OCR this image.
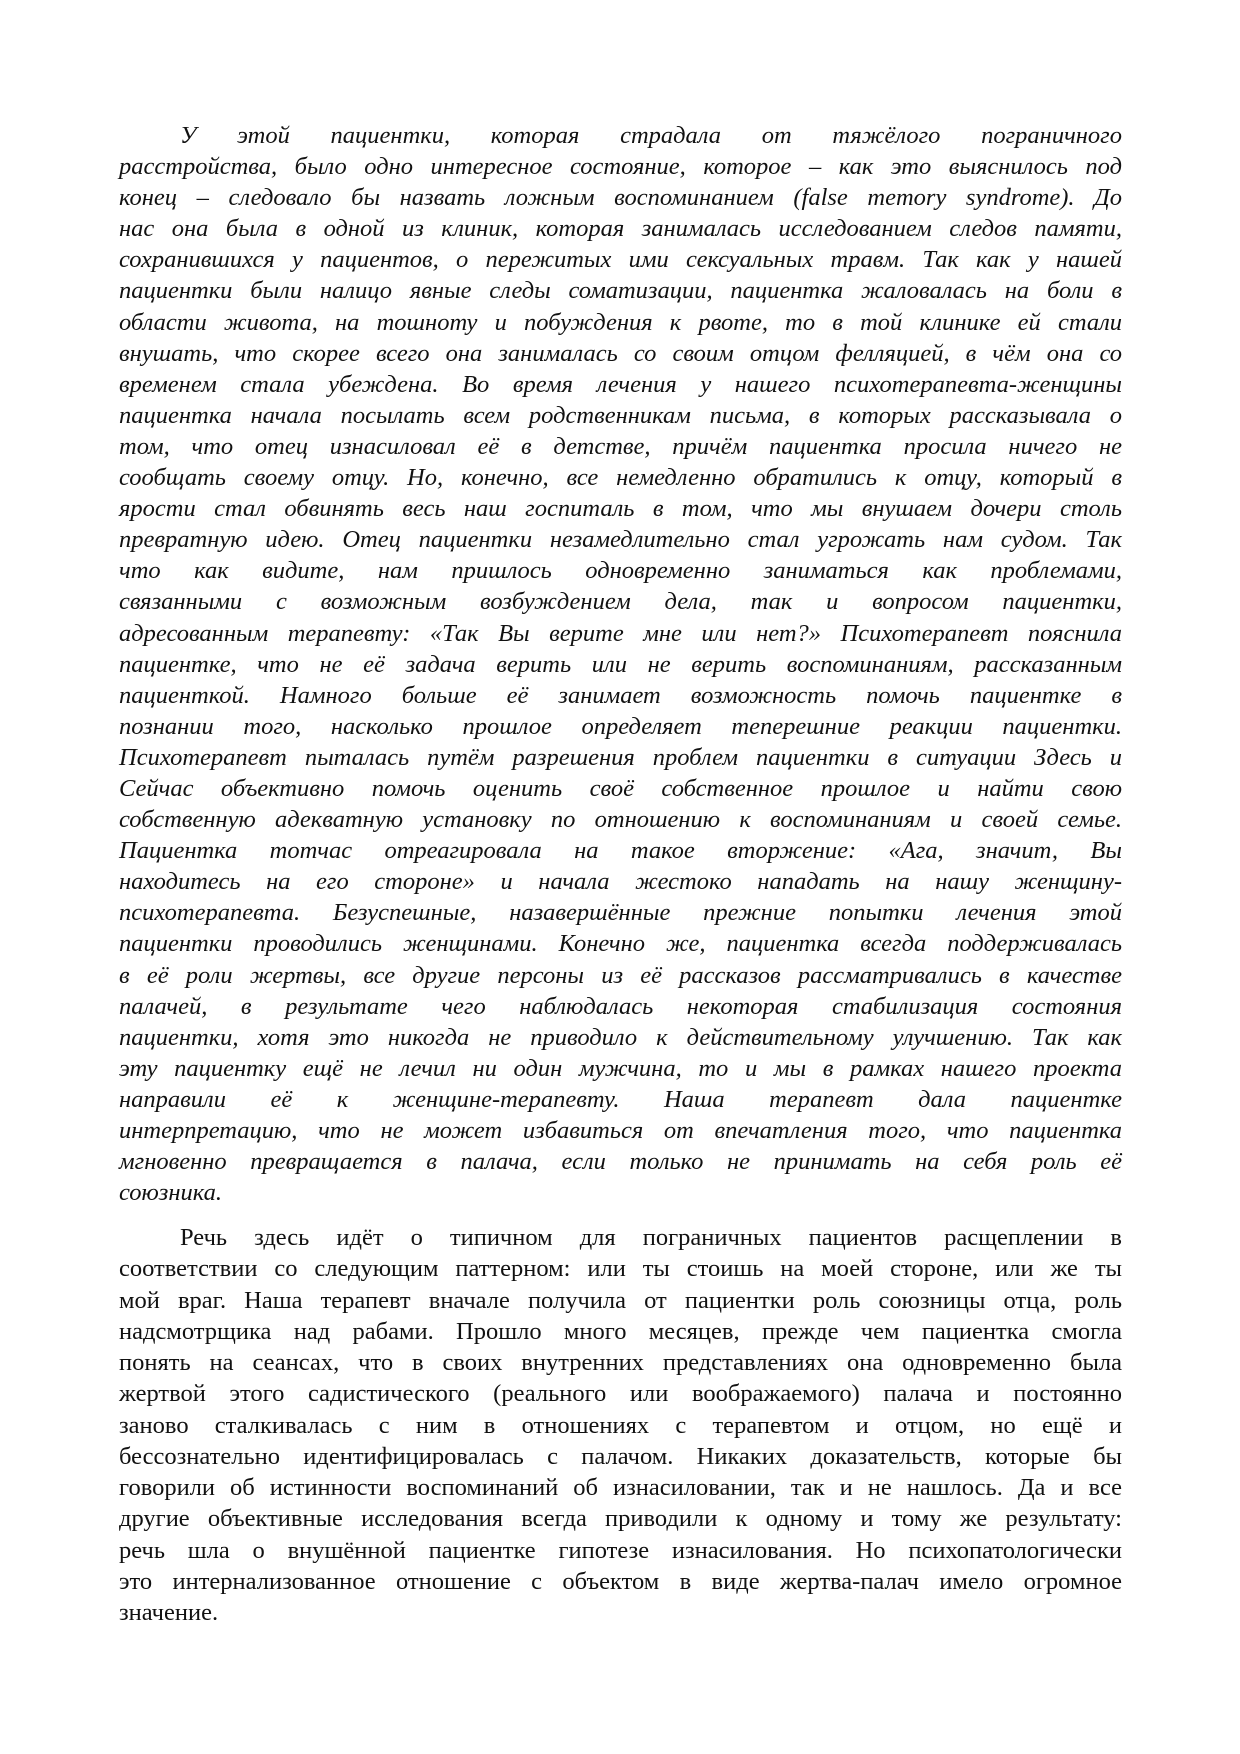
У этой пациентки, которая страдала от тяжёлого пограничного
расстройства, было одно интересное состояние, которое – как это выяснилось под
конец – следовало бы назвать ложным воспоминанием (false memory syndrome). До
нас она была в одной из клиник, которая занималась исследованием следов памяти,
сохранившихся у пациентов, о пережитых ими сексуальных травм. Так как у нашей
пациентки были налицо явные следы соматизации, пациентка жаловалась на боли в
области живота, на тошноту и побуждения к рвоте, то в той клинике ей стали
внушать, что скорее всего она занималась со своим отцом фелляцией, в чём она со
временем стала убеждена. Во время лечения у нашего психотерапевта-женщины
пациентка начала посылать всем родственникам письма, в которых рассказывала о
том, что отец изнасиловал её в детстве, причём пациентка просила ничего не
сообщать своему отцу. Но, конечно, все немедленно обратились к отцу, который в
ярости стал обвинять весь наш госпиталь в том, что мы внушаем дочери столь
превратную идею. Отец пациентки незамедлительно стал угрожать нам судом. Так
что как видите, нам пришлось одновременно заниматься как проблемами,
связанными с возможным возбуждением дела, так и вопросом пациентки,
адресованным терапевту: «Так Вы верите мне или нет?» Психотерапевт пояснила
пациентке, что не её задача верить или не верить воспоминаниям, рассказанным
пациенткой. Намного больше её занимает возможность помочь пациентке в
познании того, насколько прошлое определяет теперешние реакции пациентки.
Психотерапевт пыталась путём разрешения проблем пациентки в ситуации Здесь и
Сейчас объективно помочь оценить своё собственное прошлое и найти свою
собственную адекватную установку по отношению к воспоминаниям и своей семье.
Пациентка тотчас отреагировала на такое вторжение: «Ага, значит, Вы
находитесь на его стороне» и начала жестоко нападать на нашу женщину-
психотерапевта. Безуспешные, назавершённые прежние попытки лечения этой
пациентки проводились женщинами. Конечно же, пациентка всегда поддерживалась
в её роли жертвы, все другие персоны из её рассказов рассматривались в качестве
палачей, в результате чего наблюдалась некоторая стабилизация состояния
пациентки, хотя это никогда не приводило к действительному улучшению. Так как
эту пациентку ещё не лечил ни один мужчина, то и мы в рамках нашего проекта
направили её к женщине-терапевту. Наша терапевт дала пациентке
интерпретацию, что не может избавиться от впечатления того, что пациентка
мгновенно превращается в палача, если только не принимать на себя роль её
союзника.
Речь здесь идёт о типичном для пограничных пациентов расщеплении в
соответствии со следующим паттерном: или ты стоишь на моей стороне, или же ты
мой враг. Наша терапевт вначале получила от пациентки роль союзницы отца, роль
надсмотрщика над рабами. Прошло много месяцев, прежде чем пациентка смогла
понять на сеансах, что в своих внутренних представлениях она одновременно была
жертвой этого садистического (реального или воображаемого) палача и постоянно
заново сталкивалась с ним в отношениях с терапевтом и отцом, но ещё и
бессознательно идентифицировалась с палачом. Никаких доказательств, которые бы
говорили об истинности воспоминаний об изнасиловании, так и не нашлось. Да и все
другие объективные исследования всегда приводили к одному и тому же результату:
речь шла о внушённой пациентке гипотезе изнасилования. Но психопатологически
это интернализованное отношение с объектом в виде жертва-палач имело огромное
значение.
